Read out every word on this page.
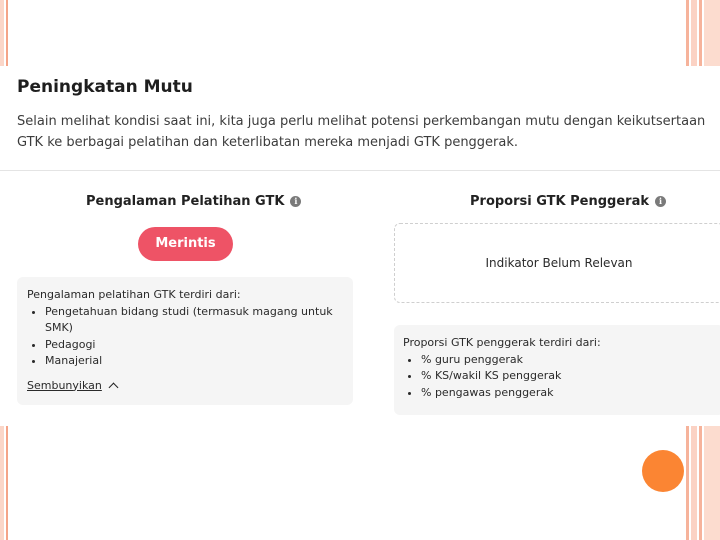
Peningkatan Mutu
Selain melihat kondisi saat ini, kita juga perlu melihat potensi perkembangan mutu dengan keikutsertaan GTK ke berbagai pelatihan dan keterlibatan mereka menjadi GTK penggerak.
Pengalaman Pelatihan GTK	i
Merintis
Pengalaman pelatihan GTK terdiri dari:
• Pengetahuan bidang studi (termasuk magang untuk SMK)
• Pedagogi
• Manajerial
Sembunyikan
Proporsi GTK Penggerak	i
Indikator Belum Relevan
Proporsi GTK penggerak terdiri dari:
• % guru penggerak
• % KS/wakil KS penggerak
• % pengawas penggerak
